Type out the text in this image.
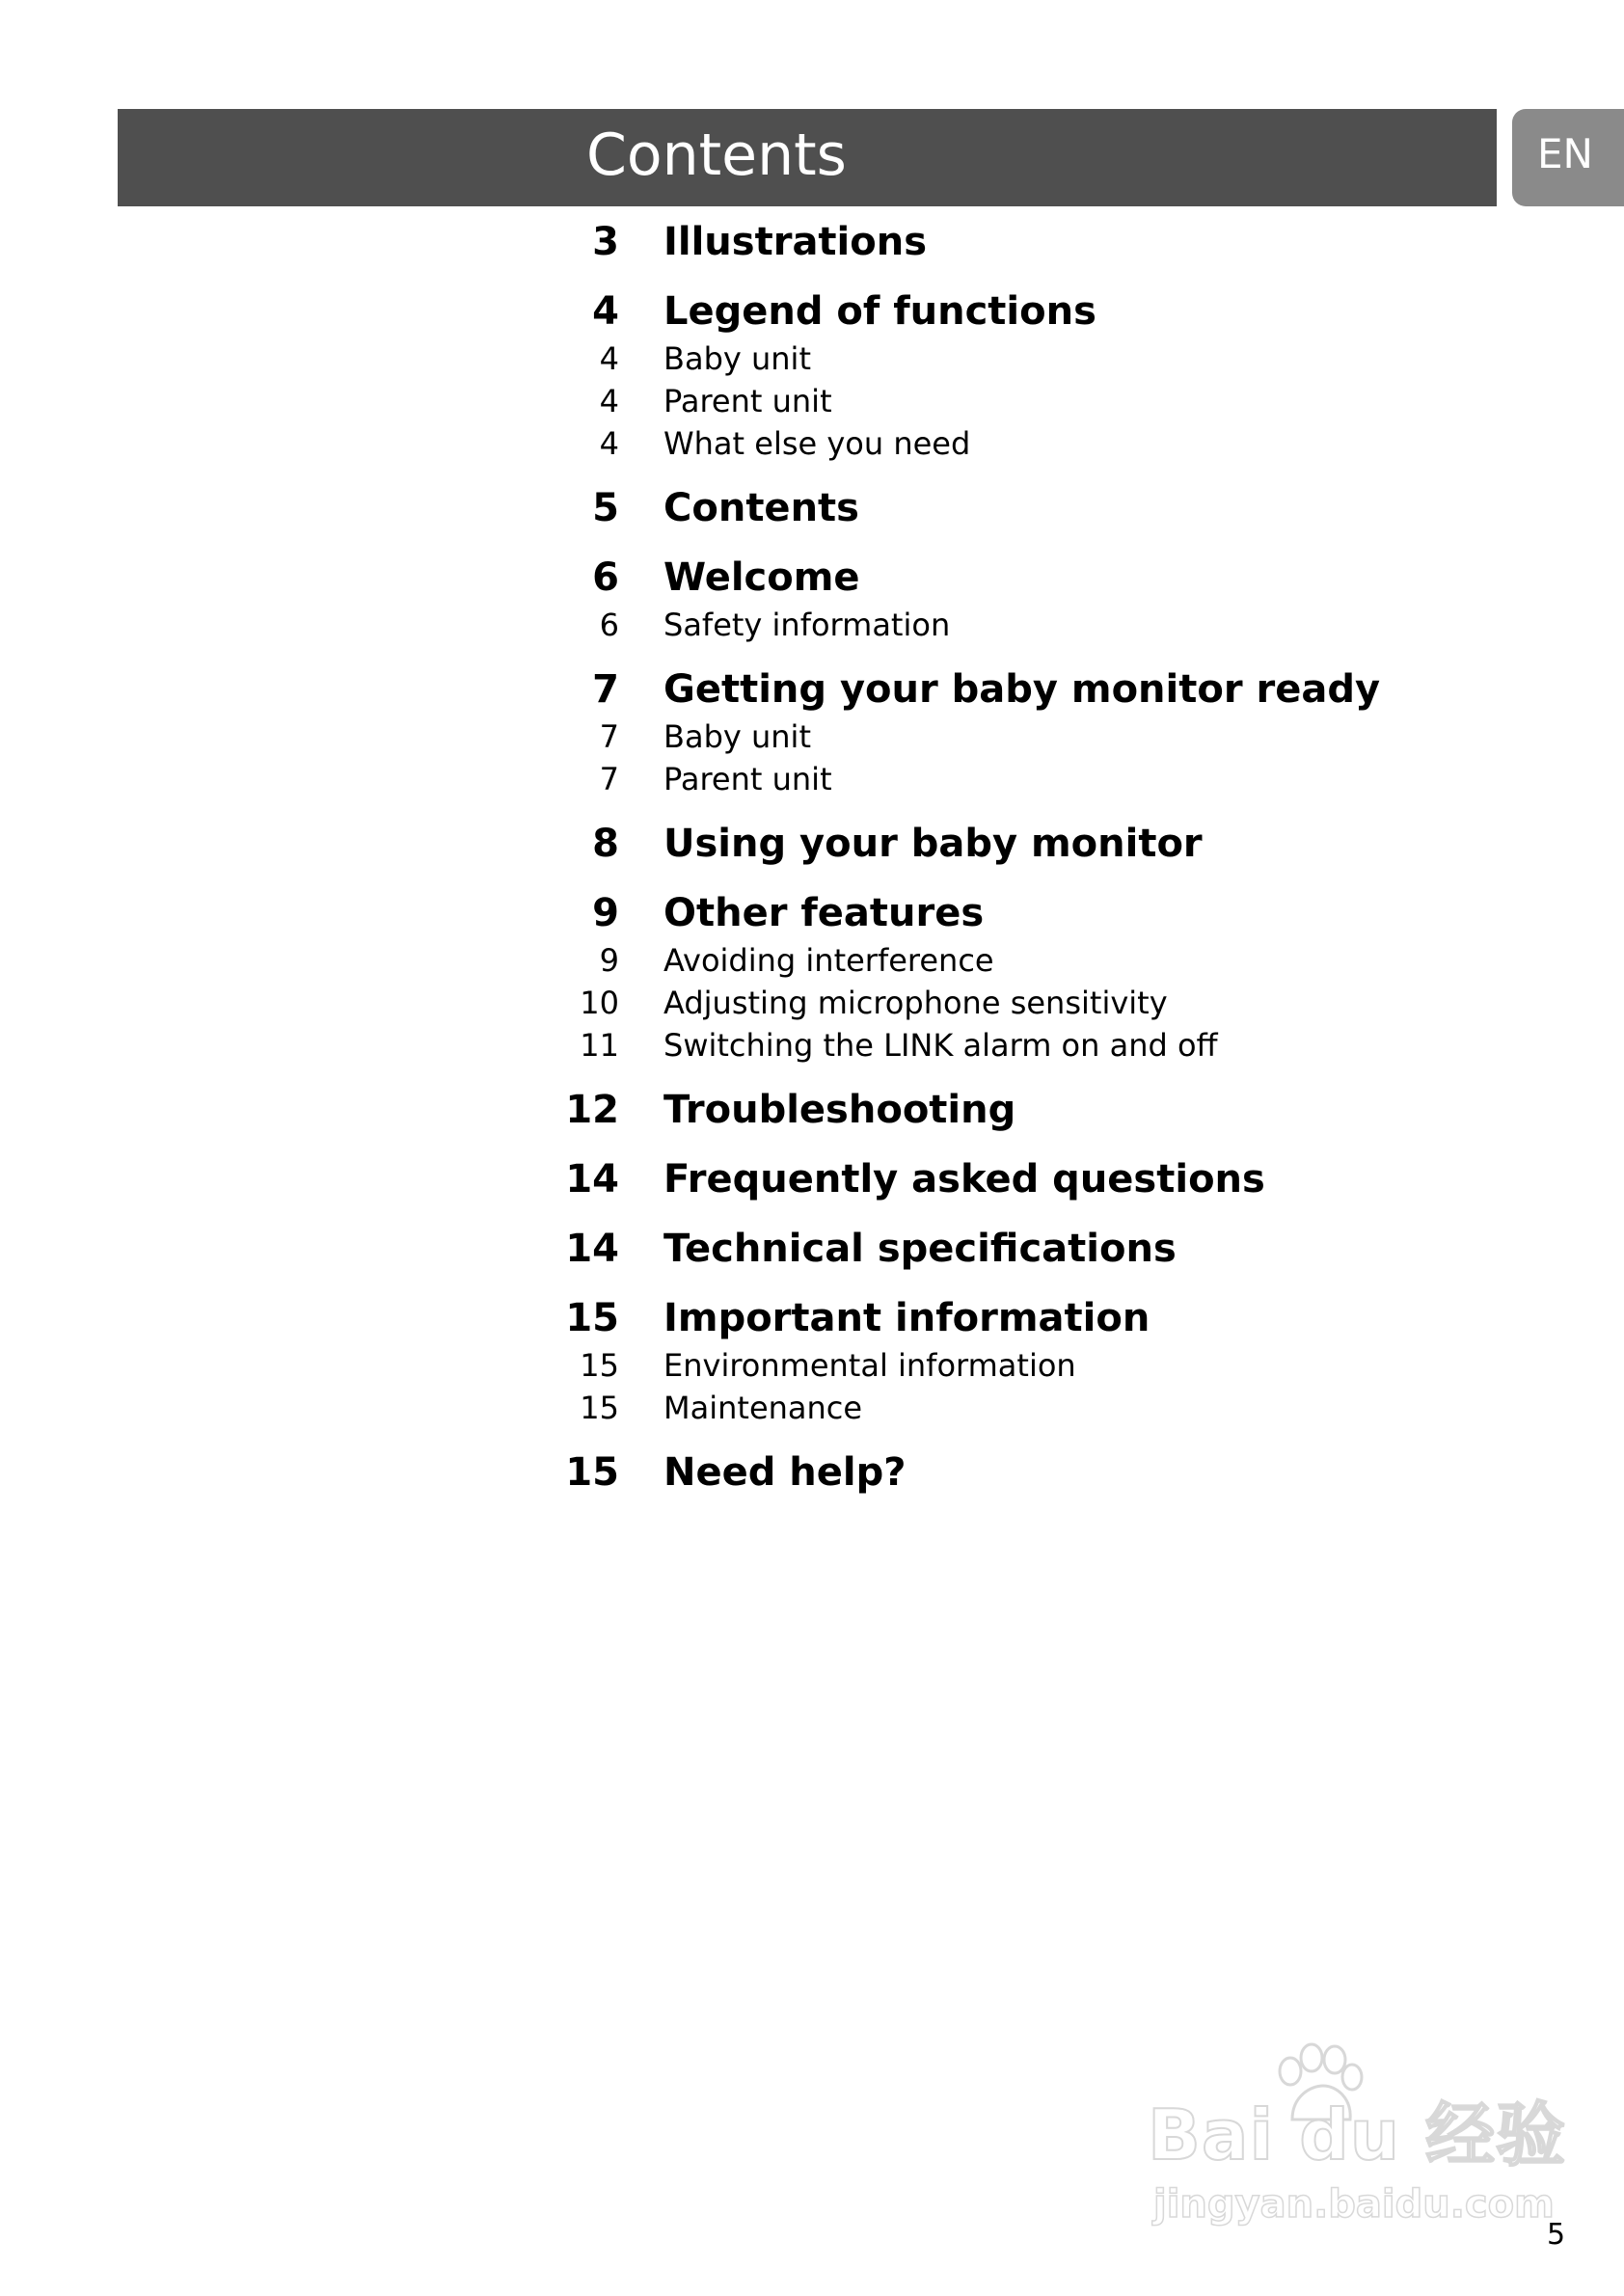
Contents	EN
3 Illustrations
4 Legend of functions
4 Baby unit
4 Parent unit
4 What else you need
5 Contents
6 Welcome
6 Safety information
7 Getting your baby monitor ready
7 Baby unit
7 Parent unit
8 Using your baby monitor
9 Other features
9 Avoiding interference
10 Adjusting microphone sensitivity
11 Switching the LINK alarm on and off
12 Troubleshooting
14 Frequently asked questions
14 Technical specifications
15 Important information
15 Environmental information
15 Maintenance
15 Need help?
Bai du 经验
jingyan.baidu.com
5
